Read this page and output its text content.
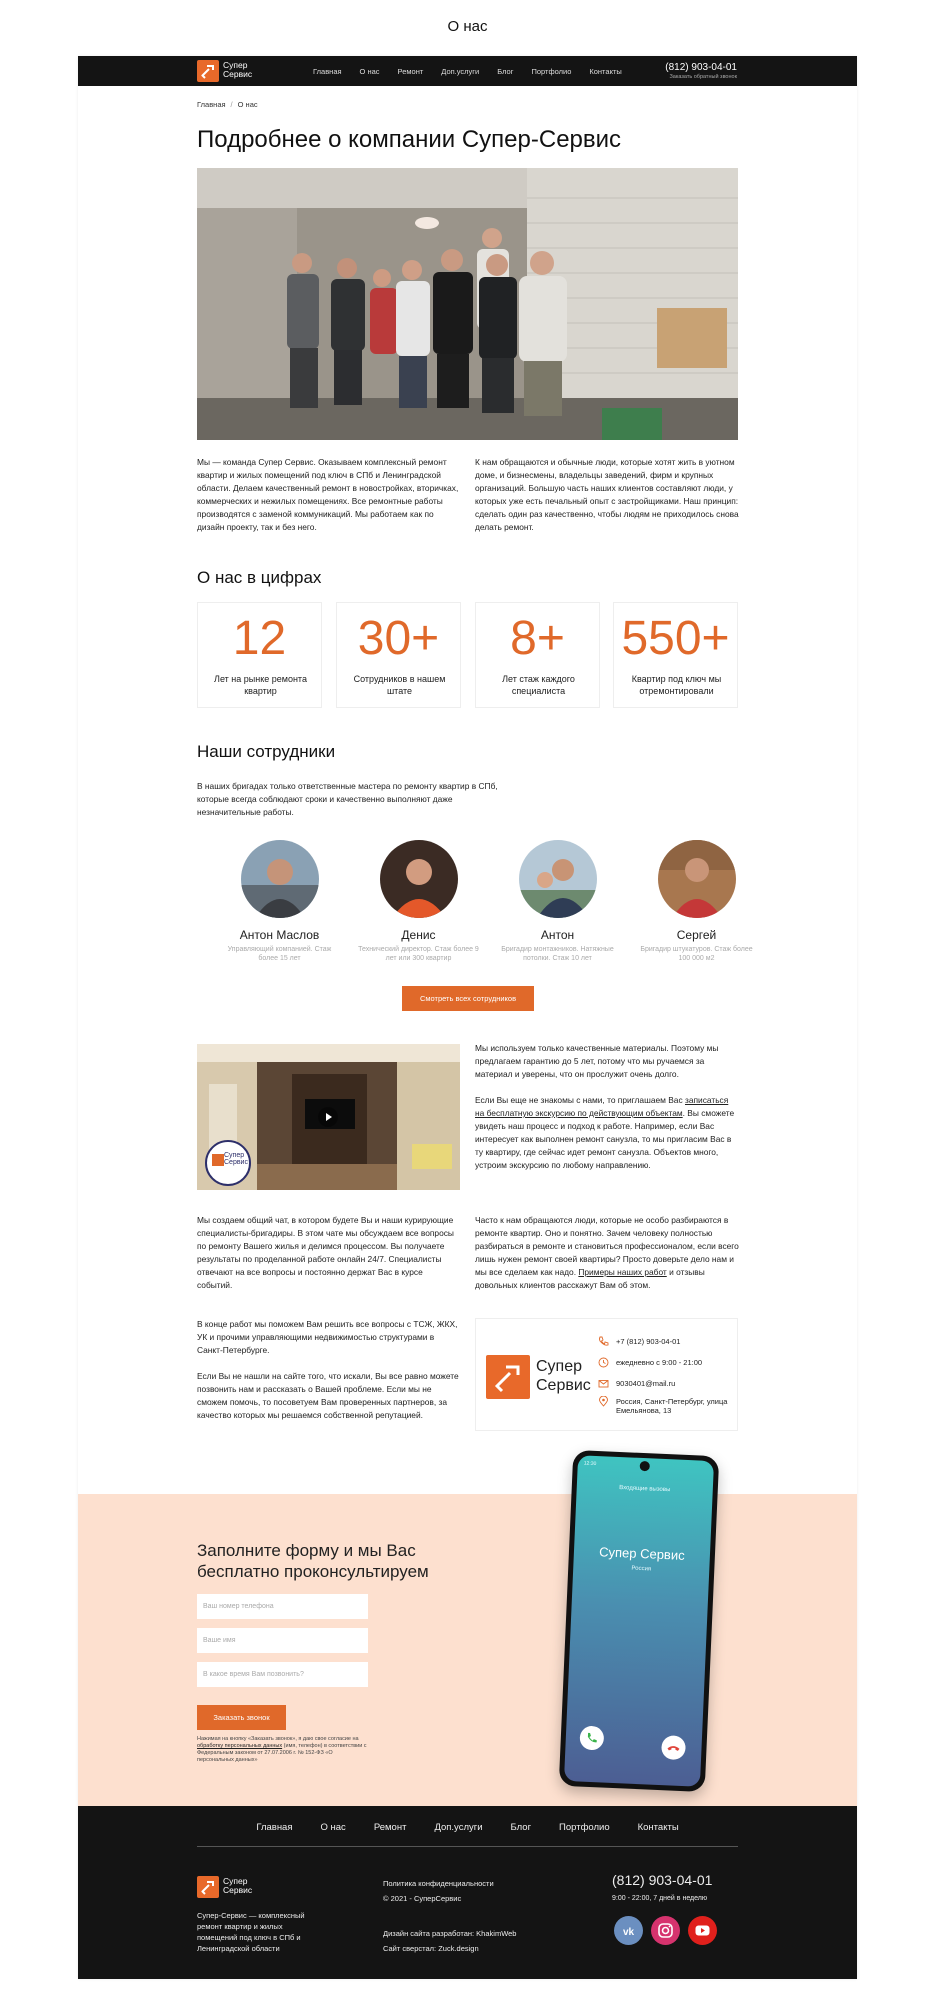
О нас
Супер
Сервис	Главная О нас Ремонт Доп.услуги Блог Портфолио Контакты	(812) 903-04-01
Заказать обратный звонок
Главная / О нас
Подробнее о компании Супер-Сервис
Мы — команда Супер Сервис. Оказываем комплексный ремонт квартир и жилых помещений под ключ в СПб и Ленинградской области. Делаем качественный ремонт в новостройках, вторичках, коммерческих и нежилых помещениях. Все ремонтные работы производятся с заменой коммуникаций. Мы работаем как по дизайн проекту, так и без него.
К нам обращаются и обычные люди, которые хотят жить в уютном доме, и бизнесмены, владельцы заведений, фирм и крупных организаций. Большую часть наших клиентов составляют люди, у которых уже есть печальный опыт с застройщиками. Наш принцип: сделать один раз качественно, чтобы людям не приходилось снова делать ремонт.
О нас в цифрах
12
Лет на рынке ремонта квартир
30+
Сотрудников в нашем штате
8+
Лет стаж каждого специалиста
550+
Квартир под ключ мы отремонтировали
Наши сотрудники
В наших бригадах только ответственные мастера по ремонту квартир в СПб, которые всегда соблюдают сроки и качественно выполняют даже незначительные работы.
Антон Маслов
Управляющий компанией. Стаж более 15 лет
Денис
Технический директор. Стаж более 9 лет или 300 квартир
Антон
Бригадир монтажников. Натяжные потолки. Стаж 10 лет
Сергей
Бригадир штукатуров. Стаж более 100 000 м2
Смотреть всех сотрудников
Супер
Сервис

Мы используем только качественные материалы. Поэтому мы предлагаем гарантию до 5 лет, потому что мы ручаемся за материал и уверены, что он прослужит очень долго.

Если Вы еще не знакомы с нами, то приглашаем Вас записаться на бесплатную экскурсию по действующим объектам. Вы сможете увидеть наш процесс и подход к работе. Например, если Вас интересует как выполнен ремонт санузла, то мы пригласим Вас в ту квартиру, где сейчас идет ремонт санузла. Объектов много, устроим экскурсию по любому направлению.

Мы создаем общий чат, в котором будете Вы и наши курирующие специалисты-бригадиры. В этом чате мы обсуждаем все вопросы по ремонту Вашего жилья и делимся процессом. Вы получаете результаты по проделанной работе онлайн 24/7. Специалисты отвечают на все вопросы и постоянно держат Вас в курсе событий.
Часто к нам обращаются люди, которые не особо разбираются в ремонте квартир. Оно и понятно. Зачем человеку полностью разбираться в ремонте и становиться профессионалом, если всего лишь нужен ремонт своей квартиры? Просто доверьте дело нам и мы все сделаем как надо. Примеры наших работ и отзывы довольных клиентов расскажут Вам об этом.

В конце работ мы поможем Вам решить все вопросы с ТСЖ, ЖКХ, УК и прочими управляющими недвижимостью структурами в Санкт-Петербурге.

Если Вы не нашли на сайте того, что искали, Вы все равно можете позвонить нам и рассказать о Вашей проблеме. Если мы не сможем помочь, то посоветуем Вам проверенных партнеров, за качество которых мы решаемся собственной репутацией.

Супер
Сервис
+7 (812) 903-04-01
ежедневно с 9:00 - 21:00
9030401@mail.ru
Россия, Санкт-Петербург, улица Емельянова, 13
Заполните форму и мы Вас бесплатно проконсультируем
Ваш номер телефона
Ваше имя
В какое время Вам позвонить?
Заказать звонок
Нажимая на кнопку «Заказать звонок», я даю свое согласие на обработку персональных данных (имя, телефон) в соответствии с Федеральным законом от 27.07.2006 г. № 152-ФЗ «О персональных данных»
12:30
Входящие вызовы
Супер Сервис
Россия
Главная	О нас	Ремонт	Доп.услуги	Блог	Портфолио	Контакты
Супер
Сервис
Супер-Сервис — комплексный ремонт квартир и жилых помещений под ключ в СПб и Ленинградской области
Политика конфиденциальности
© 2021 - СуперСервис
Дизайн сайта разработан: KhakimWeb
Сайт сверстал: Zuck.design
(812) 903-04-01
9:00 - 22:00, 7 дней в неделю
vk
